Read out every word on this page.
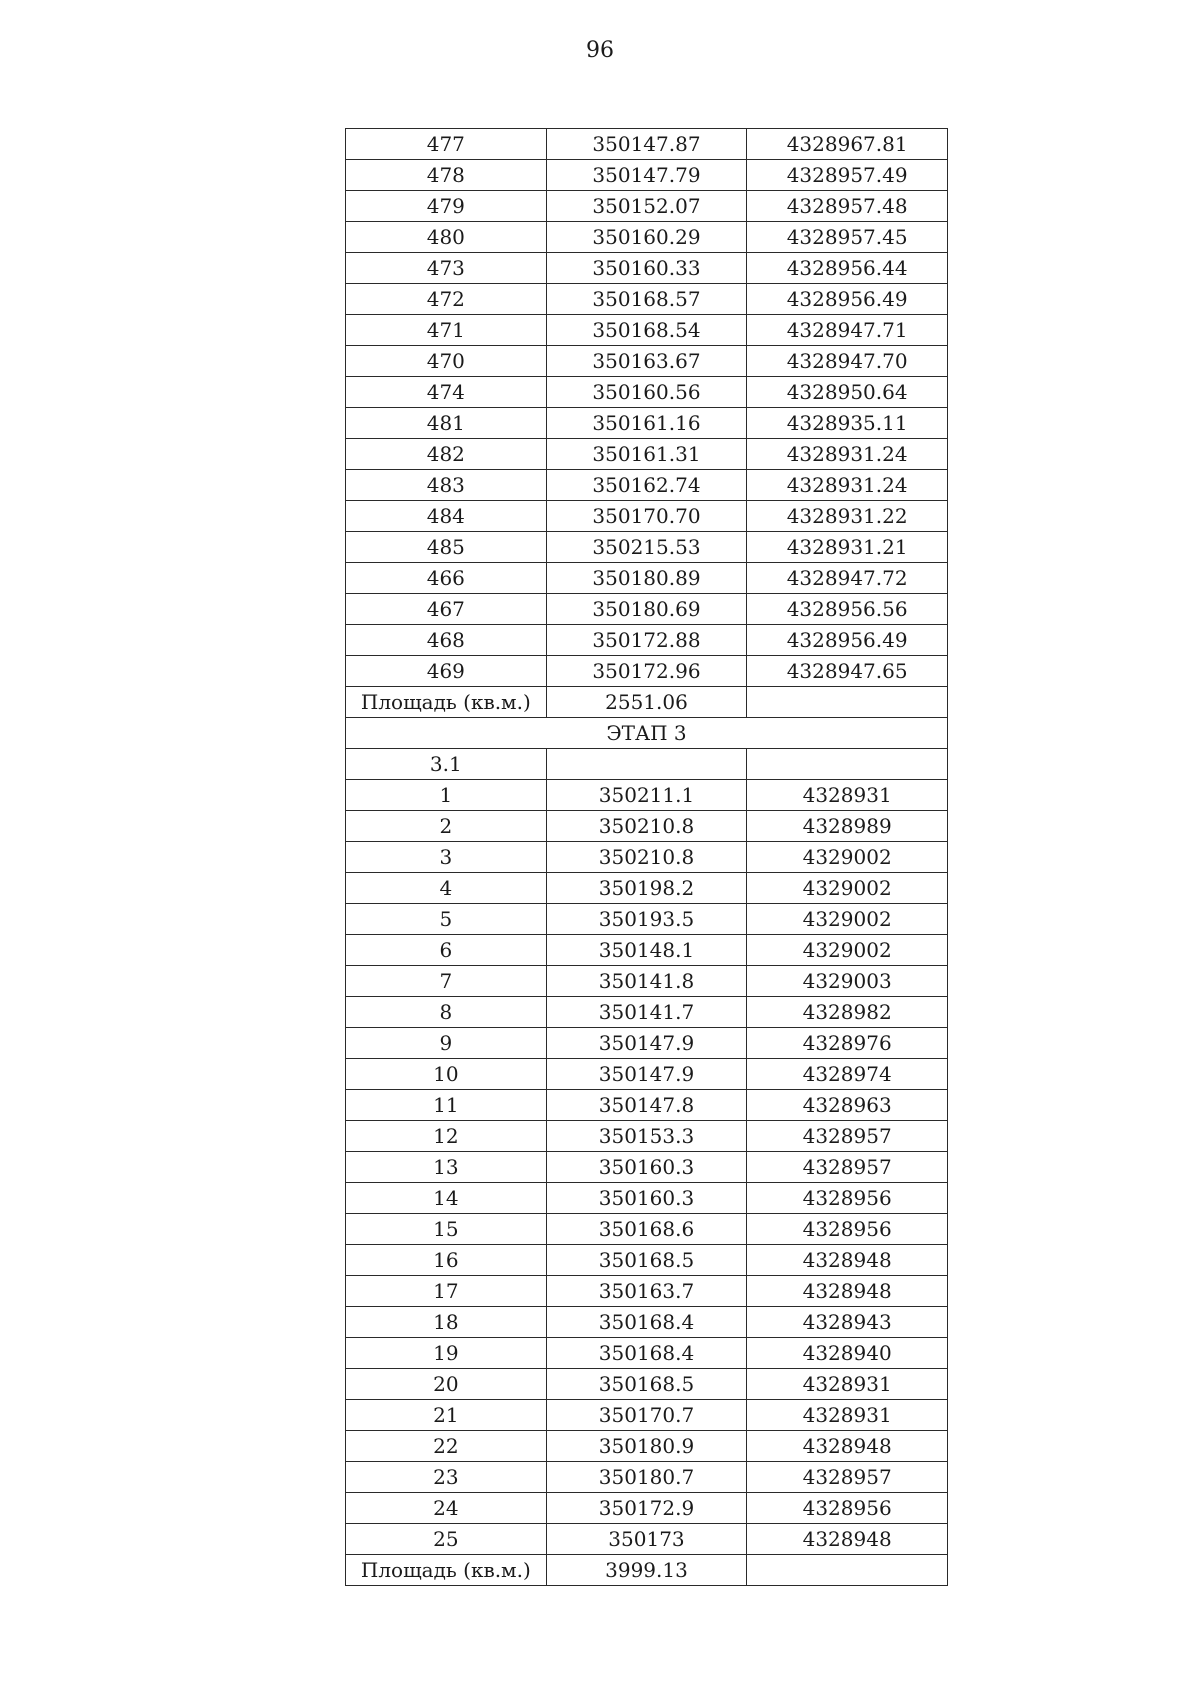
96
477	350147.87	4328967.81
478	350147.79	4328957.49
479	350152.07	4328957.48
480	350160.29	4328957.45
473	350160.33	4328956.44
472	350168.57	4328956.49
471	350168.54	4328947.71
470	350163.67	4328947.70
474	350160.56	4328950.64
481	350161.16	4328935.11
482	350161.31	4328931.24
483	350162.74	4328931.24
484	350170.70	4328931.22
485	350215.53	4328931.21
466	350180.89	4328947.72
467	350180.69	4328956.56
468	350172.88	4328956.49
469	350172.96	4328947.65
Площадь (кв.м.)	2551.06	
ЭТАП 3		
3.1		
1	350211.1	4328931
2	350210.8	4328989
3	350210.8	4329002
4	350198.2	4329002
5	350193.5	4329002
6	350148.1	4329002
7	350141.8	4329003
8	350141.7	4328982
9	350147.9	4328976
10	350147.9	4328974
11	350147.8	4328963
12	350153.3	4328957
13	350160.3	4328957
14	350160.3	4328956
15	350168.6	4328956
16	350168.5	4328948
17	350163.7	4328948
18	350168.4	4328943
19	350168.4	4328940
20	350168.5	4328931
21	350170.7	4328931
22	350180.9	4328948
23	350180.7	4328957
24	350172.9	4328956
25	350173	4328948
Площадь (кв.м.)	3999.13	
